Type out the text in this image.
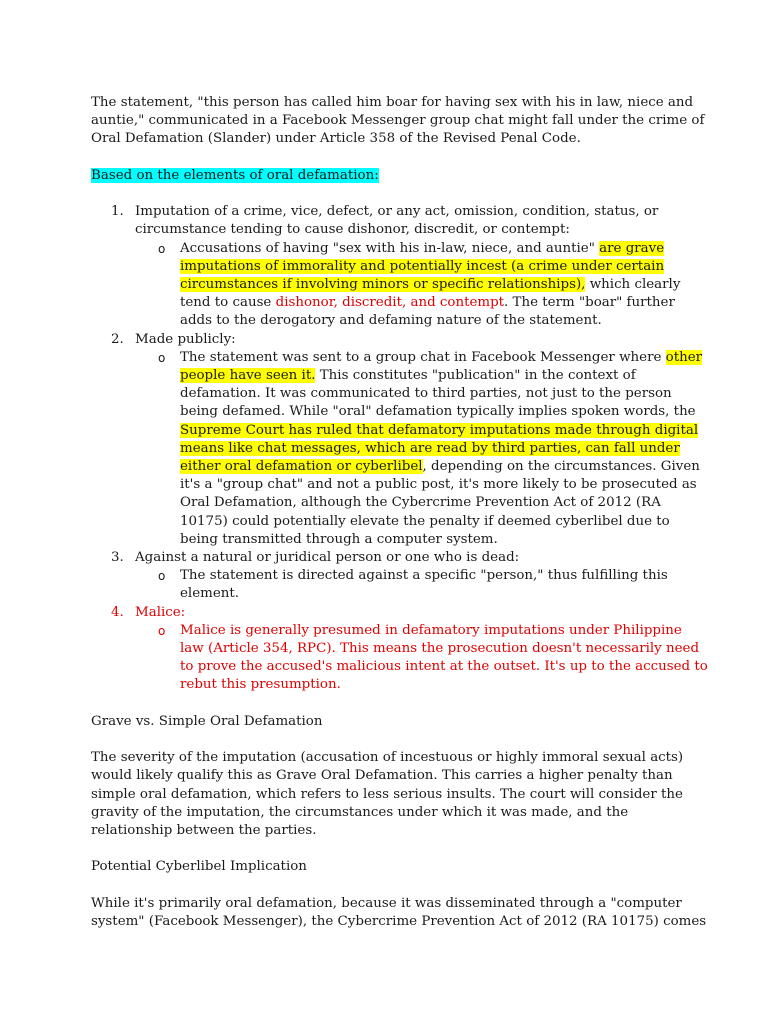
The statement, "this person has called him boar for having sex with his in law, niece and auntie," communicated in a Facebook Messenger group chat might fall under the crime of Oral Defamation (Slander) under Article 358 of the Revised Penal Code.

Based on the elements of oral defamation:

1. Imputation of a crime, vice, defect, or any act, omission, condition, status, or circumstance tending to cause dishonor, discredit, or contempt:
o Accusations of having "sex with his in-law, niece, and auntie" are grave imputations of immorality and potentially incest (a crime under certain circumstances if involving minors or specific relationships), which clearly tend to cause dishonor, discredit, and contempt. The term "boar" further adds to the derogatory and defaming nature of the statement.
2. Made publicly:
o The statement was sent to a group chat in Facebook Messenger where other people have seen it. This constitutes "publication" in the context of defamation. It was communicated to third parties, not just to the person being defamed. While "oral" defamation typically implies spoken words, the Supreme Court has ruled that defamatory imputations made through digital means like chat messages, which are read by third parties, can fall under either oral defamation or cyberlibel, depending on the circumstances. Given it's a "group chat" and not a public post, it's more likely to be prosecuted as Oral Defamation, although the Cybercrime Prevention Act of 2012 (RA 10175) could potentially elevate the penalty if deemed cyberlibel due to being transmitted through a computer system.
3. Against a natural or juridical person or one who is dead:
o The statement is directed against a specific "person," thus fulfilling this element.
4. Malice:
o Malice is generally presumed in defamatory imputations under Philippine law (Article 354, RPC). This means the prosecution doesn't necessarily need to prove the accused's malicious intent at the outset. It's up to the accused to rebut this presumption.

Grave vs. Simple Oral Defamation

The severity of the imputation (accusation of incestuous or highly immoral sexual acts) would likely qualify this as Grave Oral Defamation. This carries a higher penalty than simple oral defamation, which refers to less serious insults. The court will consider the gravity of the imputation, the circumstances under which it was made, and the relationship between the parties.

Potential Cyberlibel Implication

While it's primarily oral defamation, because it was disseminated through a "computer system" (Facebook Messenger), the Cybercrime Prevention Act of 2012 (RA 10175) comes
